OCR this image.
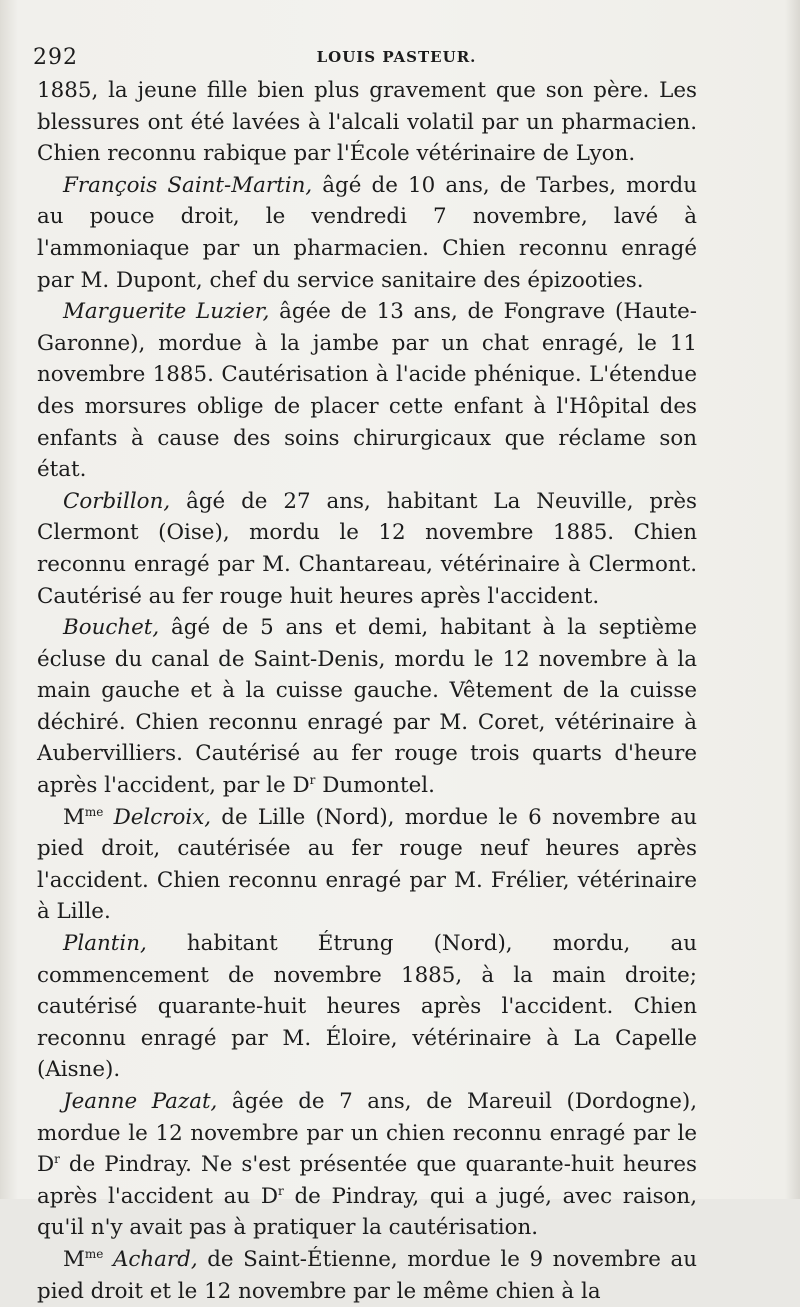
292	LOUIS PASTEUR.

1885, la jeune fille bien plus gravement que son père. Les blessures ont été lavées à l'alcali volatil par un pharmacien. Chien reconnu rabique par l'École vétérinaire de Lyon.

François Saint-Martin, âgé de 10 ans, de Tarbes, mordu au pouce droit, le vendredi 7 novembre, lavé à l'ammoniaque par un pharmacien. Chien reconnu enragé par M. Dupont, chef du service sanitaire des épizooties.

Marguerite Luzier, âgée de 13 ans, de Fongrave (Haute-Garonne), mordue à la jambe par un chat enragé, le 11 novembre 1885. Cautérisation à l'acide phénique. L'étendue des morsures oblige de placer cette enfant à l'Hôpital des enfants à cause des soins chirurgicaux que réclame son état.

Corbillon, âgé de 27 ans, habitant La Neuville, près Clermont (Oise), mordu le 12 novembre 1885. Chien reconnu enragé par M. Chantareau, vétérinaire à Clermont. Cautérisé au fer rouge huit heures après l'accident.

Bouchet, âgé de 5 ans et demi, habitant à la septième écluse du canal de Saint-Denis, mordu le 12 novembre à la main gauche et à la cuisse gauche. Vêtement de la cuisse déchiré. Chien reconnu enragé par M. Coret, vétérinaire à Aubervilliers. Cautérisé au fer rouge trois quarts d'heure après l'accident, par le $D^r$ Dumontel.

$M^{me}$ Delcroix, de Lille (Nord), mordue le 6 novembre au pied droit, cautérisée au fer rouge neuf heures après l'accident. Chien reconnu enragé par M. Frélier, vétérinaire à Lille.

Plantin, habitant Étrung (Nord), mordu, au commencement de novembre 1885, à la main droite; cautérisé quarante-huit heures après l'accident. Chien reconnu enragé par M. Éloire, vétérinaire à La Capelle (Aisne).

Jeanne Pazat, âgée de 7 ans, de Mareuil (Dordogne), mordue le 12 novembre par un chien reconnu enragé par le $D^r$ de Pindray. Ne s'est présentée que quarante-huit heures après l'accident au $D^r$ de Pindray, qui a jugé, avec raison, qu'il n'y avait pas à pratiquer la cautérisation.

$M^{me}$ Achard, de Saint-Étienne, mordue le 9 novembre au pied droit et le 12 novembre par le même chien à la
